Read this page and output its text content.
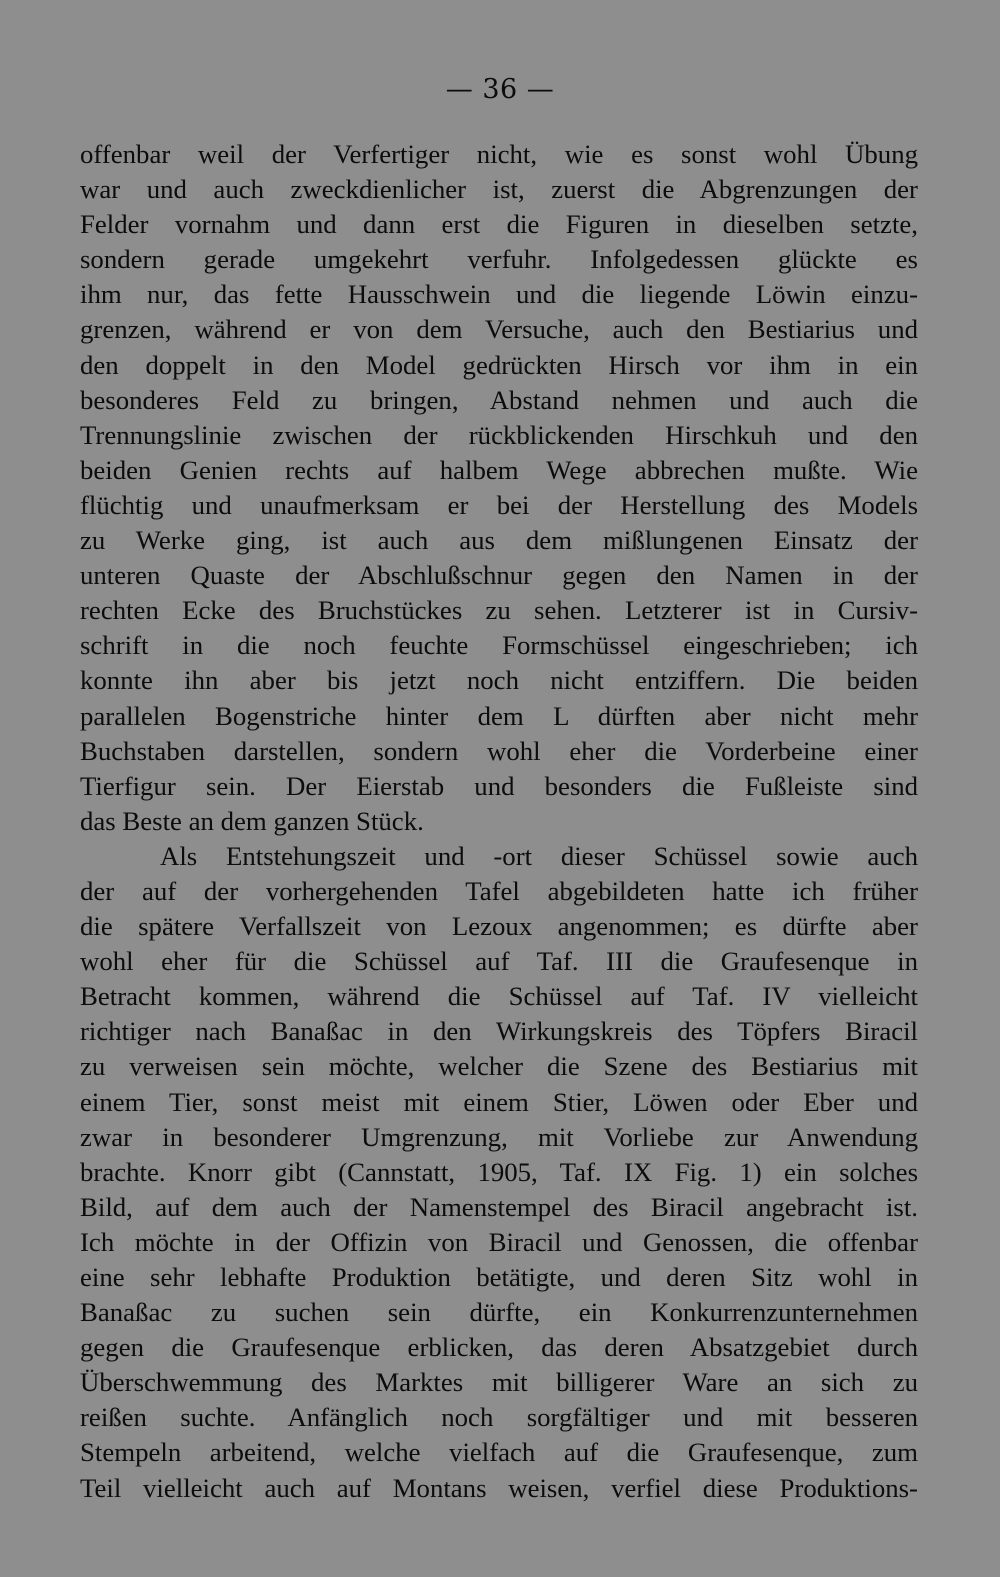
— 36 —
offenbar weil der Verfertiger nicht, wie es sonst wohl Übung
war und auch zweckdienlicher ist, zuerst die Abgrenzungen der
Felder vornahm und dann erst die Figuren in dieselben setzte,
sondern gerade umgekehrt verfuhr. Infolgedessen glückte es
ihm nur, das fette Hausschwein und die liegende Löwin einzu-
grenzen, während er von dem Versuche, auch den Bestiarius und
den doppelt in den Model gedrückten Hirsch vor ihm in ein
besonderes Feld zu bringen, Abstand nehmen und auch die
Trennungslinie zwischen der rückblickenden Hirschkuh und den
beiden Genien rechts auf halbem Wege abbrechen mußte. Wie
flüchtig und unaufmerksam er bei der Herstellung des Models
zu Werke ging, ist auch aus dem mißlungenen Einsatz der
unteren Quaste der Abschlußschnur gegen den Namen in der
rechten Ecke des Bruchstückes zu sehen. Letzterer ist in Cursiv-
schrift in die noch feuchte Formschüssel eingeschrieben; ich
konnte ihn aber bis jetzt noch nicht entziffern. Die beiden
parallelen Bogenstriche hinter dem L dürften aber nicht mehr
Buchstaben darstellen, sondern wohl eher die Vorderbeine einer
Tierfigur sein. Der Eierstab und besonders die Fußleiste sind
das Beste an dem ganzen Stück.
Als Entstehungszeit und -ort dieser Schüssel sowie auch
der auf der vorhergehenden Tafel abgebildeten hatte ich früher
die spätere Verfallszeit von Lezoux angenommen; es dürfte aber
wohl eher für die Schüssel auf Taf. III die Graufesenque in
Betracht kommen, während die Schüssel auf Taf. IV vielleicht
richtiger nach Banaßac in den Wirkungskreis des Töpfers Biracil
zu verweisen sein möchte, welcher die Szene des Bestiarius mit
einem Tier, sonst meist mit einem Stier, Löwen oder Eber und
zwar in besonderer Umgrenzung, mit Vorliebe zur Anwendung
brachte. Knorr gibt (Cannstatt, 1905, Taf. IX Fig. 1) ein solches
Bild, auf dem auch der Namenstempel des Biracil angebracht ist.
Ich möchte in der Offizin von Biracil und Genossen, die offenbar
eine sehr lebhafte Produktion betätigte, und deren Sitz wohl in
Banaßac zu suchen sein dürfte, ein Konkurrenzunternehmen
gegen die Graufesenque erblicken, das deren Absatzgebiet durch
Überschwemmung des Marktes mit billigerer Ware an sich zu
reißen suchte. Anfänglich noch sorgfältiger und mit besseren
Stempeln arbeitend, welche vielfach auf die Graufesenque, zum
Teil vielleicht auch auf Montans weisen, verfiel diese Produktions-
